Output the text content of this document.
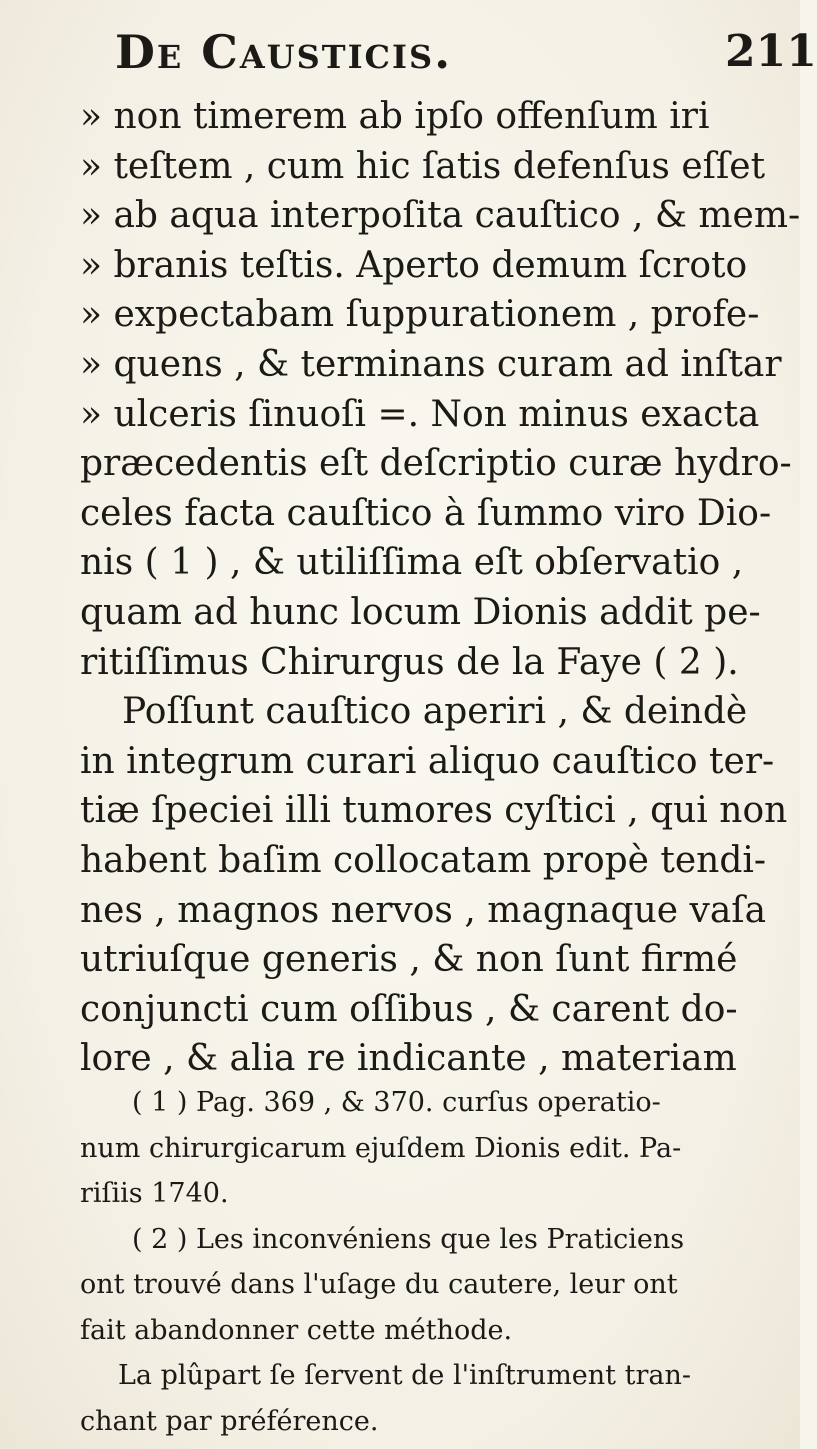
De Causticis.	211
» non timerem ab ipſo offenſum iri
» teſtem , cum hic ſatis defenſus eſſet
» ab aqua interpoſita cauſtico , & mem-
» branis teſtis. Aperto demum ſcroto
» expectabam ſuppurationem , profe-
» quens , & terminans curam ad inſtar
» ulceris ſinuoſi =. Non minus exacta
præcedentis eſt deſcriptio curæ hydro-
celes facta cauſtico à ſummo viro Dio-
nis ( 1 ) , & utiliſſima eſt obſervatio ,
quam ad hunc locum Dionis addit pe-
ritiſſimus Chirurgus de la Faye ( 2 ).
Poſſunt cauſtico aperiri , & deindè
in integrum curari aliquo cauſtico ter-
tiæ ſpeciei illi tumores cyſtici , qui non
habent baſim collocatam propè tendi-
nes , magnos nervos , magnaque vaſa
utriuſque generis , & non ſunt firmé
conjuncti cum oſſibus , & carent do-
lore , & alia re indicante , materiam
( 1 ) Pag. 369 , & 370. curſus operatio-
num chirurgicarum ejuſdem Dionis edit. Pa-
riſiis 1740.
( 2 ) Les inconvéniens que les Praticiens
ont trouvé dans l'uſage du cautere, leur ont
fait abandonner cette méthode.
La plûpart ſe ſervent de l'inſtrument tran-
chant par préférence.
